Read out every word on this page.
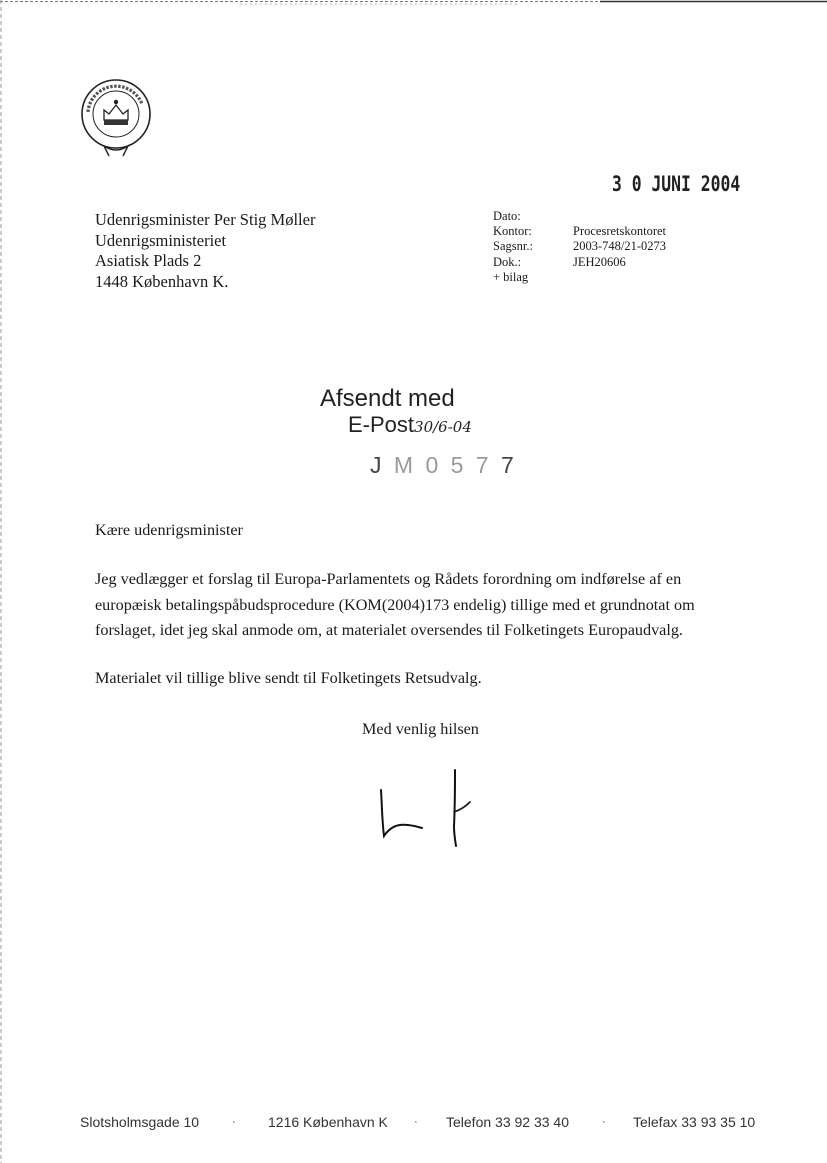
3 0 JUNI 2004
Udenrigsminister Per Stig Møller
Udenrigsministeriet
Asiatisk Plads 2
1448 København K.
Dato:
Kontor:	Procesretskontoret
Sagsnr.:	2003-748/21-0273
Dok.:	JEH20606
+ bilag
Afsendt med
E-Post30/6-04
J M 0 5 7 7
Kære udenrigsminister
Jeg vedlægger et forslag til Europa-Parlamentets og Rådets forordning om indførelse af en
europæisk betalingspåbudsprocedure (KOM(2004)173 endelig) tillige med et grundnotat om
forslaget, idet jeg skal anmode om, at materialet oversendes til Folketingets Europaudvalg.
Materialet vil tillige blive sendt til Folketingets Retsudvalg.
Med venlig hilsen
Slotsholmsgade 10	· 1216 København K · Telefon 33 92 33 40	· Telefax 33 93 35 10
